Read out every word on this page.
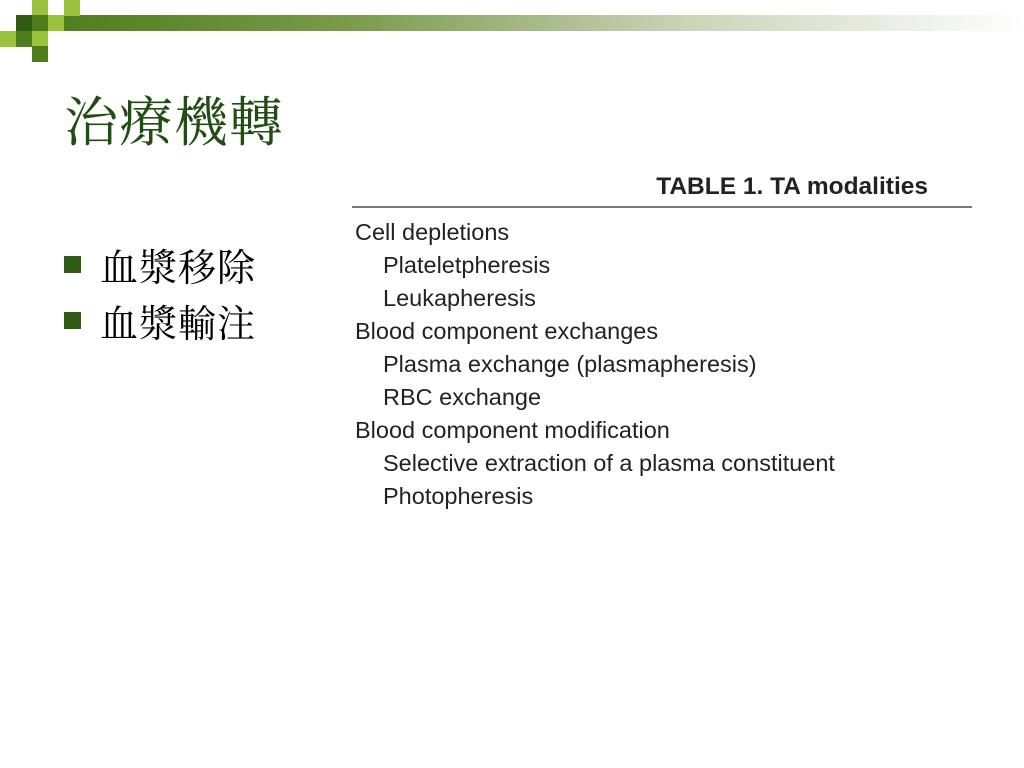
治療機轉
血漿移除
血漿輸注
TABLE 1. TA modalities
Cell depletions
Plateletpheresis
Leukapheresis
Blood component exchanges
Plasma exchange (plasmapheresis)
RBC exchange
Blood component modification
Selective extraction of a plasma constituent
Photopheresis
